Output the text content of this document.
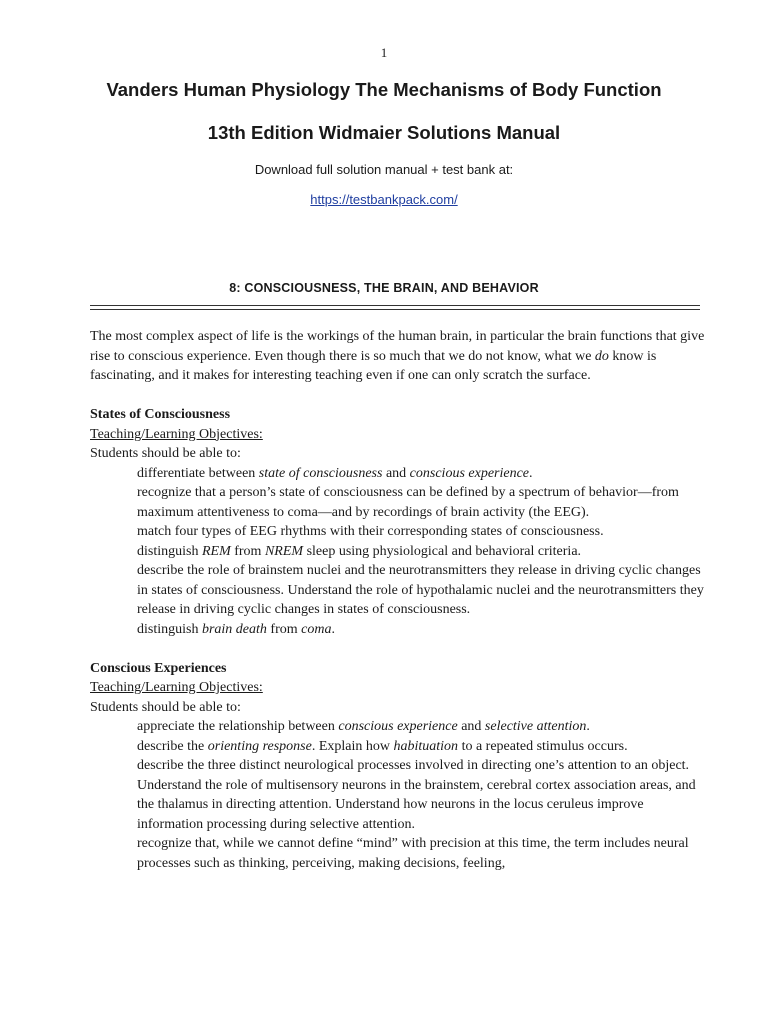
1
Vanders Human Physiology The Mechanisms of Body Function
13th Edition Widmaier Solutions Manual
Download full solution manual + test bank at:
https://testbankpack.com/
8: CONSCIOUSNESS, THE BRAIN, AND BEHAVIOR

The most complex aspect of life is the workings of the human brain, in particular the brain functions that give rise to conscious experience. Even though there is so much that we do not know, what we do know is fascinating, and it makes for interesting teaching even if one can only scratch the surface.

States of Consciousness

Teaching/Learning Objectives:

Students should be able to:

differentiate between state of consciousness and conscious experience.
recognize that a person’s state of consciousness can be defined by a spectrum of behavior—from maximum attentiveness to coma—and by recordings of brain activity (the EEG).
match four types of EEG rhythms with their corresponding states of consciousness.
distinguish REM from NREM sleep using physiological and behavioral criteria.
describe the role of brainstem nuclei and the neurotransmitters they release in driving cyclic changes in states of consciousness. Understand the role of hypothalamic nuclei and the neurotransmitters they release in driving cyclic changes in states of consciousness.
distinguish brain death from coma.

Conscious Experiences

Teaching/Learning Objectives:

Students should be able to:

appreciate the relationship between conscious experience and selective attention.
describe the orienting response. Explain how habituation to a repeated stimulus occurs.
describe the three distinct neurological processes involved in directing one’s attention to an object. Understand the role of multisensory neurons in the brainstem, cerebral cortex association areas, and the thalamus in directing attention. Understand how neurons in the locus ceruleus improve information processing during selective attention.
recognize that, while we cannot define “mind” with precision at this time, the term includes neural processes such as thinking, perceiving, making decisions, feeling,
